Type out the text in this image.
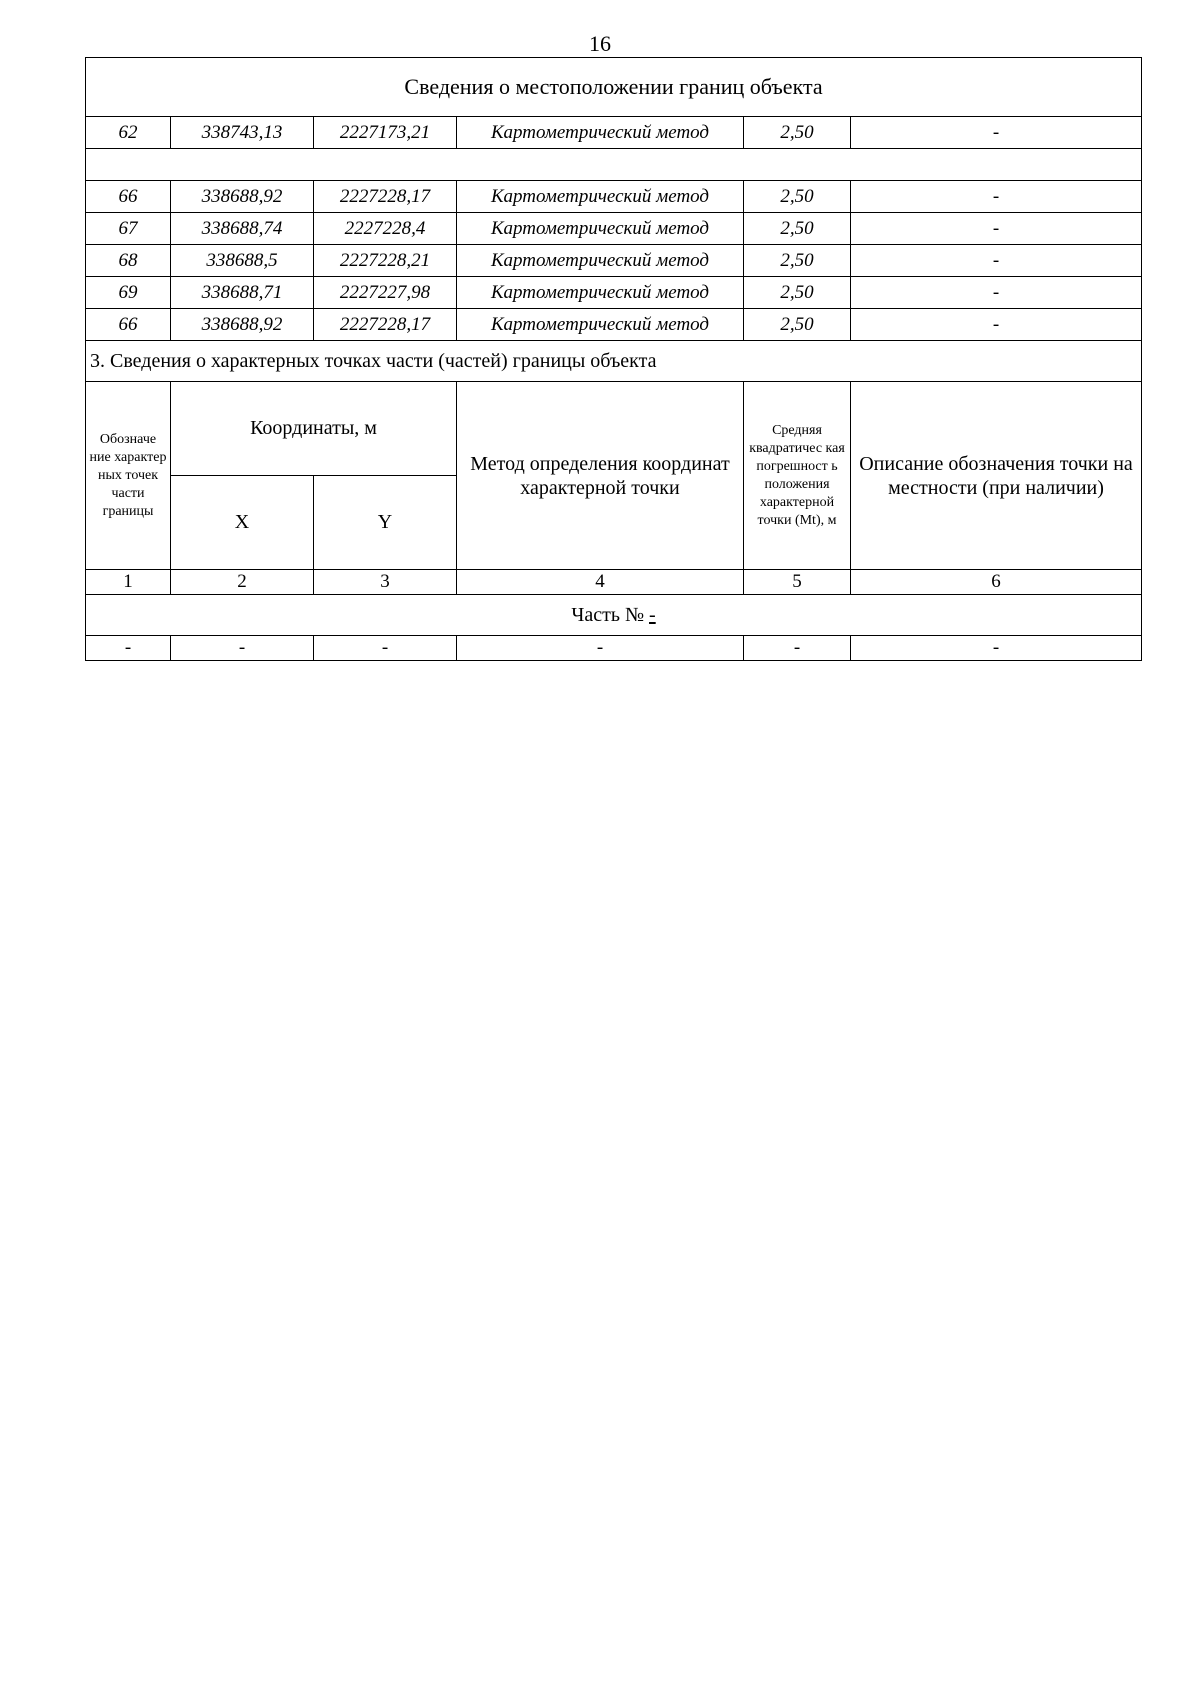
16
Сведения о местоположении границ объекта					
62	338743,13	2227173,21	Картометрический метод	2,50	-

66	338688,92	2227228,17	Картометрический метод	2,50	-
67	338688,74	2227228,4	Картометрический метод	2,50	-
68	338688,5	2227228,21	Картометрический метод	2,50	-
69	338688,71	2227227,98	Картометрический метод	2,50	-
66	338688,92	2227228,17	Картометрический метод	2,50	-
3. Сведения о характерных точках части (частей) границы объекта					
Обозначе ние характер ных точек части границы	Координаты, м		Метод определения координат характерной точки	Средняя квадратичес кая погрешност ь положения характерной точки (Mt), м	Описание обозначения точки на местности (при наличии)
	X	Y			
1	2	3	4	5	6
Часть № -					
-	-	-	-	-	-
